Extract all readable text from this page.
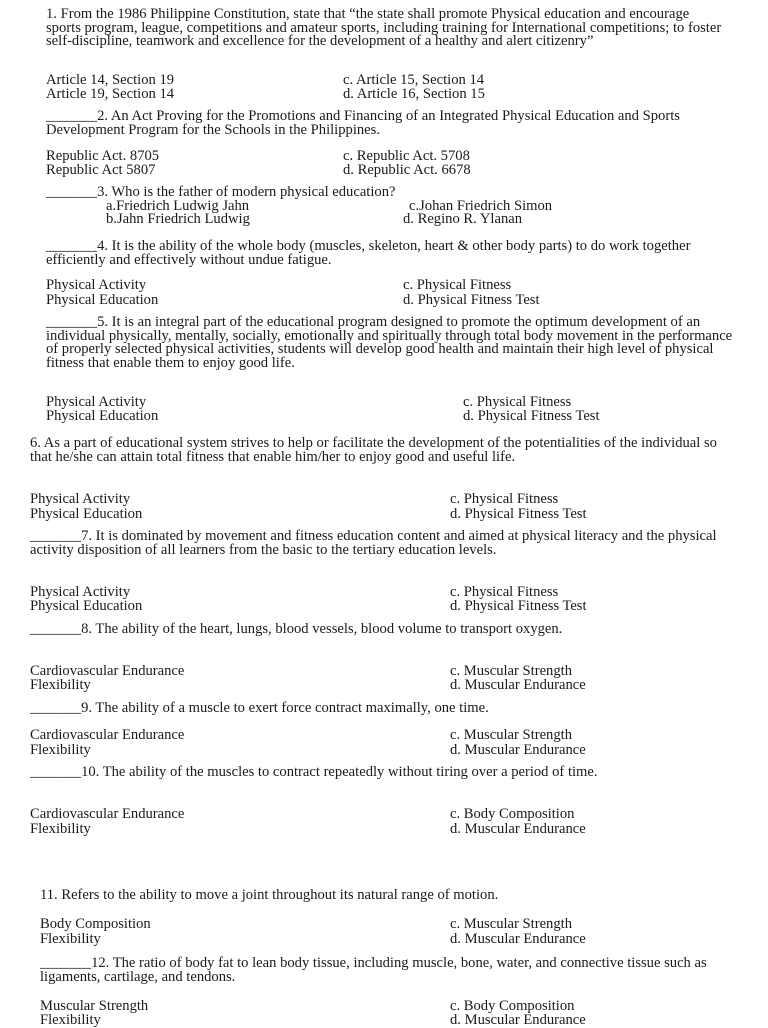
1. From the 1986 Philippine Constitution, state that “the state shall promote Physical education and encourage sports program, league, competitions and amateur sports, including training for International competitions; to foster self-discipline, teamwork and excellence for the development of a healthy and alert citizenry”
Article 14, Section 19
Article 19, Section 14
c. Article 15, Section 14
d. Article 16, Section 15
_______2. An Act Proving for the Promotions and Financing of an Integrated Physical Education and Sports Development Program for the Schools in the Philippines.
Republic Act. 8705
Republic Act 5807
c. Republic Act. 5708
d. Republic Act. 6678
_______3. Who is the father of modern physical education?
a.Friedrich Ludwig Jahn
b.Jahn Friedrich Ludwig
c.Johan Friedrich Simon
d. Regino R. Ylanan
_______4. It is the ability of the whole body (muscles, skeleton, heart & other body parts) to do work together efficiently and effectively without undue fatigue.
Physical Activity
Physical Education
c. Physical Fitness
d. Physical Fitness Test
_______5. It is an integral part of the educational program designed to promote the optimum development of an individual physically, mentally, socially, emotionally and spiritually through total body movement in the performance of properly selected physical activities, students will develop good health and maintain their high level of physical fitness that enable them to enjoy good life.
Physical Activity
Physical Education
c. Physical Fitness
d. Physical Fitness Test
6. As a part of educational system strives to help or facilitate the development of the potentialities of the individual so that he/she can attain total fitness that enable him/her to enjoy good and useful life.
Physical Activity
Physical Education
c. Physical Fitness
d. Physical Fitness Test
_______7. It is dominated by movement and fitness education content and aimed at physical literacy and the physical activity disposition of all learners from the basic to the tertiary education levels.
Physical Activity
Physical Education
c. Physical Fitness
d. Physical Fitness Test
_______8. The ability of the heart, lungs, blood vessels, blood volume to transport oxygen.
Cardiovascular Endurance
Flexibility
c. Muscular Strength
d. Muscular Endurance
_______9. The ability of a muscle to exert force contract maximally, one time.
Cardiovascular Endurance
Flexibility
c. Muscular Strength
d. Muscular Endurance
_______10. The ability of the muscles to contract repeatedly without tiring over a period of time.
Cardiovascular Endurance
Flexibility
c. Body Composition
d. Muscular Endurance
11. Refers to the ability to move a joint throughout its natural range of motion.
Body Composition
Flexibility
c. Muscular Strength
d. Muscular Endurance
_______12. The ratio of body fat to lean body tissue, including muscle, bone, water, and connective tissue such as ligaments, cartilage, and tendons.
Muscular Strength
Flexibility
c. Body Composition
d. Muscular Endurance
